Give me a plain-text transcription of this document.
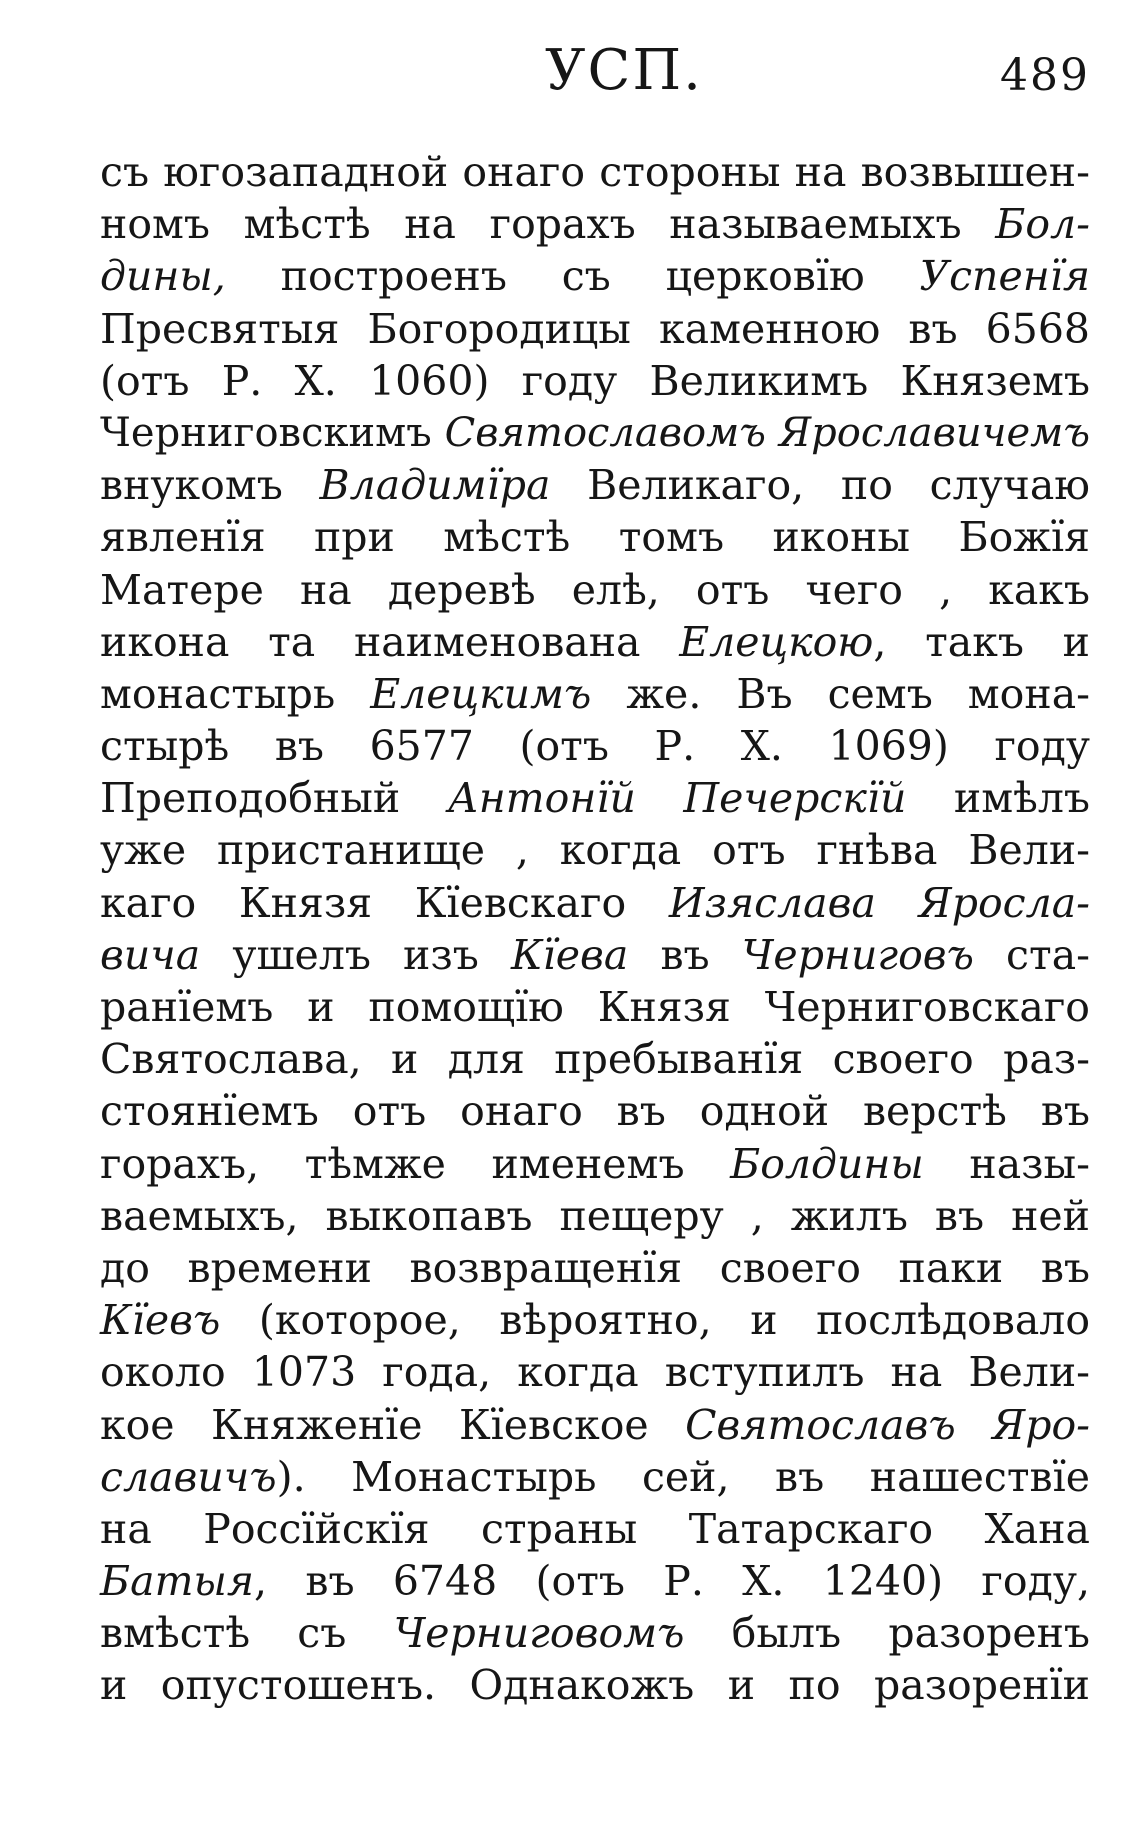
УСП.	489
съ югозападной онаго стороны на возвышен-
номъ мѣстѣ на горахъ называемыхъ Бол-
дины, построенъ съ церковїю Успенїя
Пресвятыя Богородицы каменною въ 6568
(отъ Р. Х. 1060) году Великимъ Княземъ
Черниговскимъ Святославомъ Ярославичемъ
внукомъ Владимїра Великаго, по случаю
явленїя при мѣстѣ томъ иконы Божїя
Матере на деревѣ елѣ, отъ чего , какъ
икона та наименована Елецкою, такъ и
монастырь Елецкимъ же. Въ семъ мона-
стырѣ въ 6577 (отъ Р. Х. 1069) году
Преподобный Антонїй Печерскїй имѣлъ
уже пристанище , когда отъ гнѣва Вели-
каго Князя Кїевскаго Изяслава Яросла-
вича ушелъ изъ Кїева въ Черниговъ ста-
ранїемъ и помощїю Князя Черниговскаго
Святослава, и для пребыванїя своего раз-
стоянїемъ отъ онаго въ одной верстѣ въ
горахъ, тѣмже именемъ Болдины назы-
ваемыхъ, выкопавъ пещеру , жилъ въ ней
до времени возвращенїя своего паки въ
Кїевъ (которое, вѣроятно, и послѣдовало
около 1073 года, когда вступилъ на Вели-
кое Княженїе Кїевское Святославъ Яро-
славичъ). Монастырь сей, въ нашествїе
на Россїйскїя страны Татарскаго Хана
Батыя, въ 6748 (отъ Р. Х. 1240) году,
вмѣстѣ съ Черниговомъ былъ разоренъ
и опустошенъ. Однакожъ и по разоренїи
